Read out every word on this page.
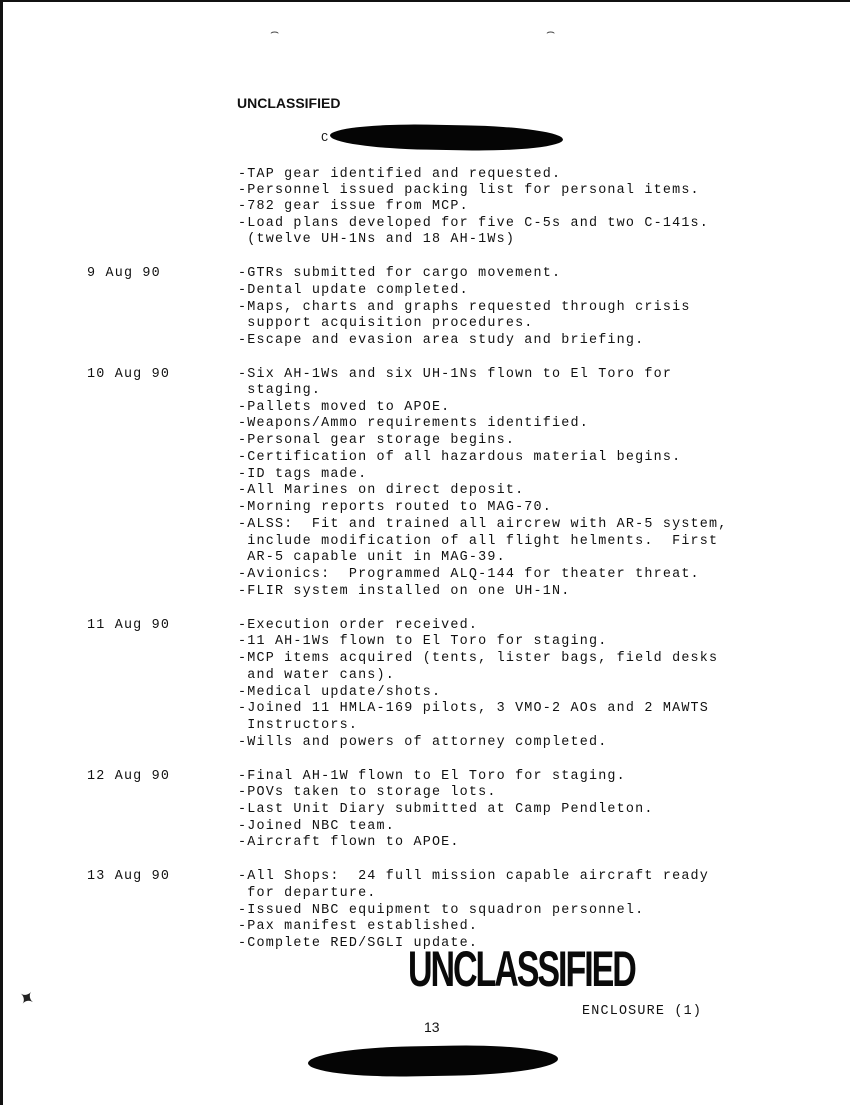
⌢	⌢
UNCLASSIFIED
C
-TAP gear identified and requested.
-Personnel issued packing list for personal items.
-782 gear issue from MCP.
-Load plans developed for five C-5s and two C-141s.
(twelve UH-1Ns and 18 AH-1Ws)
9 Aug 90	-GTRs submitted for cargo movement.
-Dental update completed.
-Maps, charts and graphs requested through crisis
support acquisition procedures.
-Escape and evasion area study and briefing.
10 Aug 90	-Six AH-1Ws and six UH-1Ns flown to El Toro for
staging.
-Pallets moved to APOE.
-Weapons/Ammo requirements identified.
-Personal gear storage begins.
-Certification of all hazardous material begins.
-ID tags made.
-All Marines on direct deposit.
-Morning reports routed to MAG-70.
-ALSS:  Fit and trained all aircrew with AR-5 system,
include modification of all flight helments.  First
AR-5 capable unit in MAG-39.
-Avionics:  Programmed ALQ-144 for theater threat.
-FLIR system installed on one UH-1N.
11 Aug 90	-Execution order received.
-11 AH-1Ws flown to El Toro for staging.
-MCP items acquired (tents, lister bags, field desks
and water cans).
-Medical update/shots.
-Joined 11 HMLA-169 pilots, 3 VMO-2 AOs and 2 MAWTS
Instructors.
-Wills and powers of attorney completed.
12 Aug 90	-Final AH-1W flown to El Toro for staging.
-POVs taken to storage lots.
-Last Unit Diary submitted at Camp Pendleton.
-Joined NBC team.
-Aircraft flown to APOE.
13 Aug 90	-All Shops:  24 full mission capable aircraft ready
for departure.
-Issued NBC equipment to squadron personnel.
-Pax manifest established.
-Complete RED/SGLI update.
UNCLASSIFIED
ENCLOSURE (1)
13
✦
